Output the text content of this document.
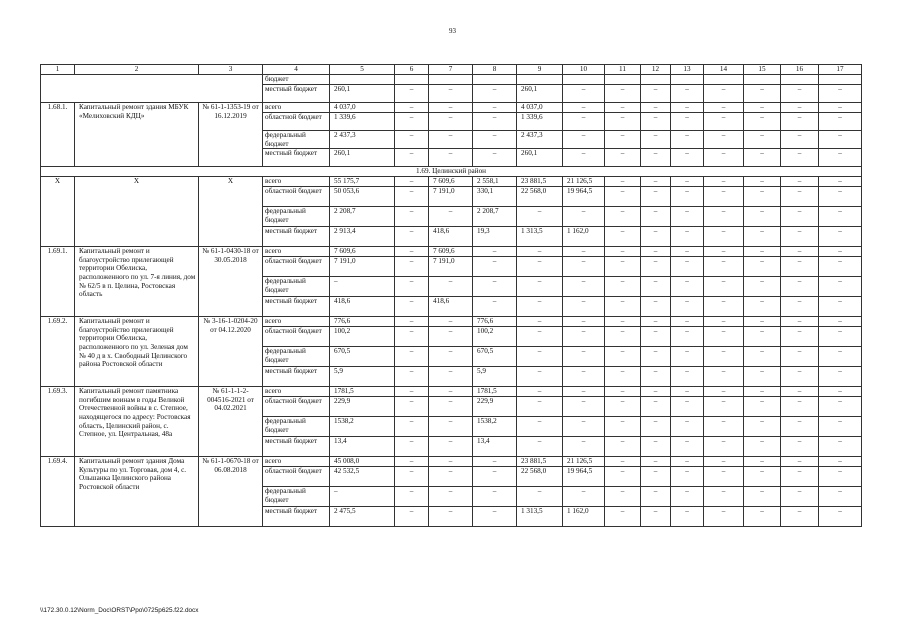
93
1	2	3	4	5	6	7	8	9	10	11	12	13	14	15	16	17
			бюджет													
			местный бюджет	260,1	–	–	–	260,1	–	–	–	–	–	–	–	–
1.68.1.	Капитальный ремонт здания МБУК «Мелиховский КДЦ»	№ 61-1-1353-19 от 16.12.2019	всего	4 037,0	–	–	–	4 037,0	–	–	–	–	–	–	–	–
			областной бюджет	1 339,6	–	–	–	1 339,6	–	–	–	–	–	–	–	–
			федеральный бюджет	2 437,3	–	–	–	2 437,3	–	–	–	–	–	–	–	–
			местный бюджет	260,1	–	–	–	260,1	–	–	–	–	–	–	–	–
1.69. Целинский район																
Х	Х	Х	всего	55 175,7	–	7 609,6	2 558,1	23 881,5	21 126,5	–	–	–	–	–	–	–
			областной бюджет	50 053,6	–	7 191,0	330,1	22 568,0	19 964,5	–	–	–	–	–	–	–
			федеральный бюджет	2 208,7	–	–	2 208,7	–	–	–	–	–	–	–	–	–
			местный бюджет	2 913,4	–	418,6	19,3	1 313,5	1 162,0	–	–	–	–	–	–	–
1.69.1.	Капитальный ремонт и благоустройство прилегающей территории Обелиска, расположенного по ул. 7-я линия, дом № 62/5 в п. Целина, Ростовская область	№ 61-1-0430-18 от 30.05.2018	всего	7 609,6	–	7 609,6	–	–	–	–	–	–	–	–	–	–
			областной бюджет	7 191,0	–	7 191,0	–	–	–	–	–	–	–	–	–	–
			федеральный бюджет	–	–	–	–	–	–	–	–	–	–	–	–	–
			местный бюджет	418,6	–	418,6	–	–	–	–	–	–	–	–	–	–
1.69.2.	Капитальный ремонт и благоустройство прилегающей территории Обелиска, расположенного по ул. Зеленая дом № 40 д в х. Свободный Целинского района Ростовской области	№ 3-16-1-0204-20 от 04.12.2020	всего	776,6	–	–	776,6	–	–	–	–	–	–	–	–	–
			областной бюджет	100,2	–	–	100,2	–	–	–	–	–	–	–	–	–
			федеральный бюджет	670,5	–	–	670,5	–	–	–	–	–	–	–	–	–
			местный бюджет	5,9	–	–	5,9	–	–	–	–	–	–	–	–	–
1.69.3.	Капитальный ремонт памятника погибшим воинам в годы Великой Отечественной войны в с. Степное, находящегося по адресу: Ростовская область, Целинский район, с. Степное, ул. Центральная, 48а	№ 61-1-1-2-004516-2021 от 04.02.2021	всего	1781,5	–	–	1781,5	–	–	–	–	–	–	–	–	–
			областной бюджет	229,9	–	–	229,9	–	–	–	–	–	–	–	–	–
			федеральный бюджет	1538,2	–	–	1538,2	–	–	–	–	–	–	–	–	–
			местный бюджет	13,4	–	–	13,4	–	–	–	–	–	–	–	–	–
1.69.4.	Капитальный ремонт здания Дома Культуры по ул. Торговая, дом 4, с. Ольшанка Целинского района Ростовской области	№ 61-1-0670-18 от 06.08.2018	всего	45 008,0	–	–	–	23 881,5	21 126,5	–	–	–	–	–	–	–
			областной бюджет	42 532,5	–	–	–	22 568,0	19 964,5	–	–	–	–	–	–	–
			федеральный бюджет	–	–	–	–	–	–	–	–	–	–	–	–	–
			местный бюджет	2 475,5	–	–	–	1 313,5	1 162,0	–	–	–	–	–	–	–
\\172.30.0.12\Norm_Doc\ORST\Ppo\0725p625.f22.docx
